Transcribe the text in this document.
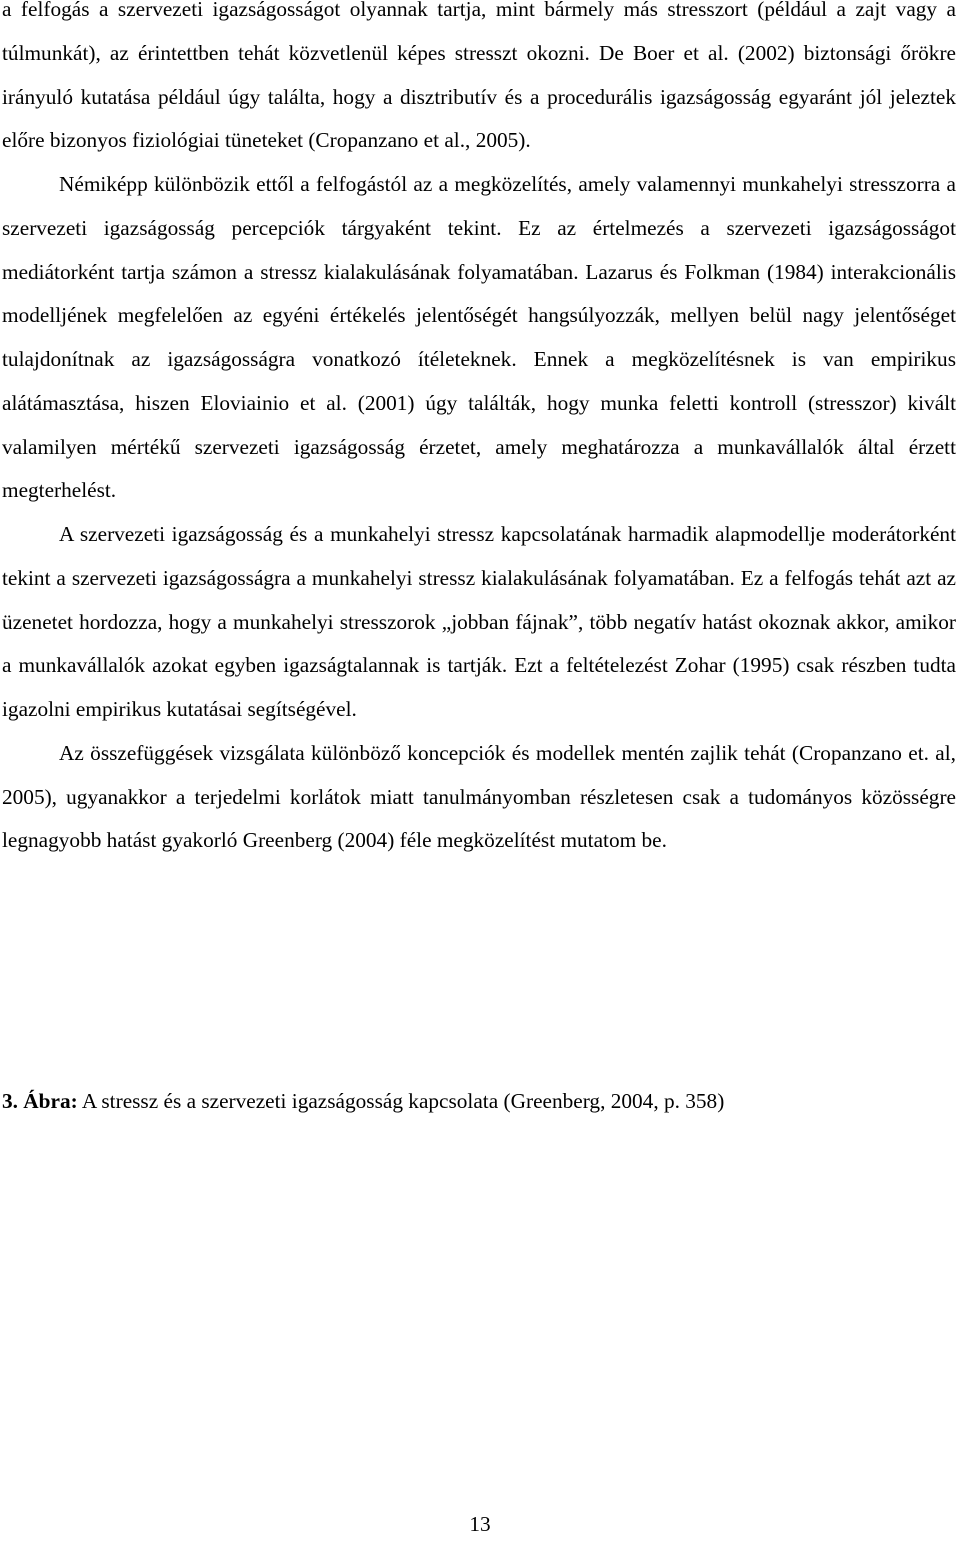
a felfogás a szervezeti igazságosságot olyannak tartja, mint bármely más stresszort (például a zajt vagy a túlmunkát), az érintettben tehát közvetlenül képes stresszt okozni. De Boer et al. (2002) biztonsági őrökre irányuló kutatása például úgy találta, hogy a disztributív és a procedurális igazságosság egyaránt jól jeleztek előre bizonyos fiziológiai tüneteket (Cropanzano et al., 2005).

Némiképp különbözik ettől a felfogástól az a megközelítés, amely valamennyi munkahelyi stresszorra a szervezeti igazságosság percepciók tárgyaként tekint. Ez az értelmezés a szervezeti igazságosságot mediátorként tartja számon a stressz kialakulásának folyamatában. Lazarus és Folkman (1984) interakcionális modelljének megfelelően az egyéni értékelés jelentőségét hangsúlyozzák, mellyen belül nagy jelentőséget tulajdonítnak az igazságosságra vonatkozó ítéleteknek. Ennek a megközelítésnek is van empirikus alátámasztása, hiszen Eloviainio et al. (2001) úgy találták, hogy munka feletti kontroll (stresszor) kivált valamilyen mértékű szervezeti igazságosság érzetet, amely meghatározza a munkavállalók által érzett megterhelést.

A szervezeti igazságosság és a munkahelyi stressz kapcsolatának harmadik alapmodellje moderátorként tekint a szervezeti igazságosságra a munkahelyi stressz kialakulásának folyamatában. Ez a felfogás tehát azt az üzenetet hordozza, hogy a munkahelyi stresszorok „jobban fájnak”, több negatív hatást okoznak akkor, amikor a munkavállalók azokat egyben igazságtalannak is tartják. Ezt a feltételezést Zohar (1995) csak részben tudta igazolni empirikus kutatásai segítségével.

Az összefüggések vizsgálata különböző koncepciók és modellek mentén zajlik tehát (Cropanzano et. al, 2005), ugyanakkor a terjedelmi korlátok miatt tanulmányomban részletesen csak a tudományos közösségre legnagyobb hatást gyakorló Greenberg (2004) féle megközelítést mutatom be.

3. Ábra: A stressz és a szervezeti igazságosság kapcsolata (Greenberg, 2004, p. 358)
13
